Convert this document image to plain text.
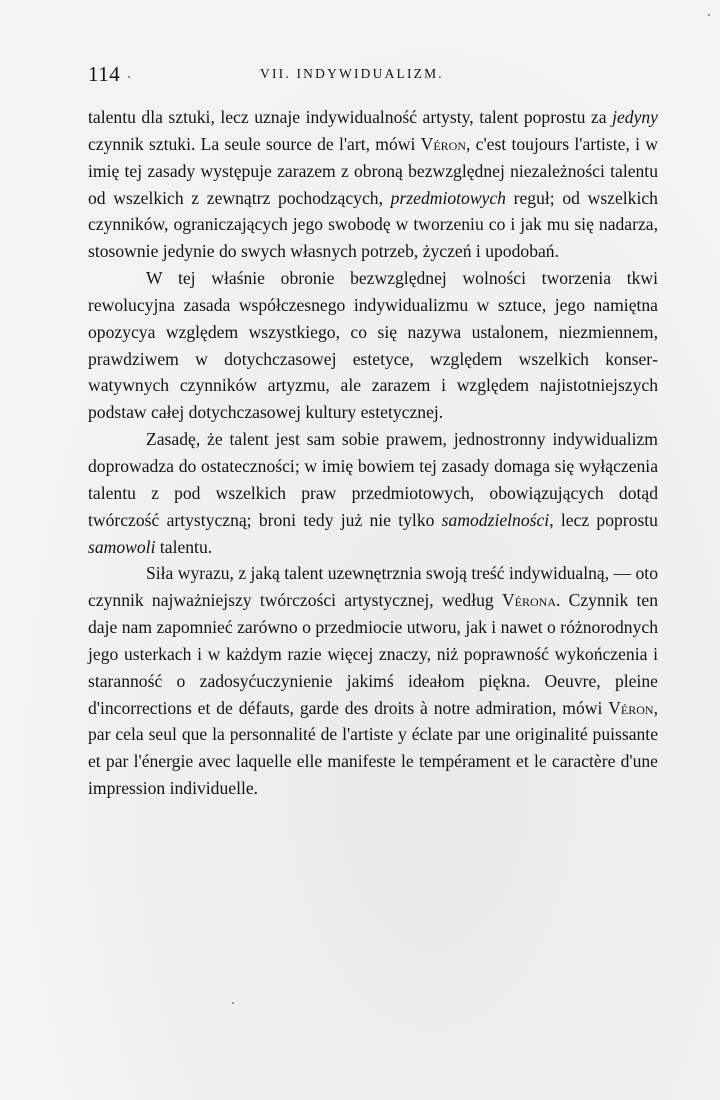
114	VII. INDYWIDUALIZM.

talentu dla sztuki, lecz uznaje indywidualność artysty, talent poprostu za jedyny czynnik sztuki. La seule source de l'art, mówi Véron, c'est toujours l'artiste, i w imię tej zasady występuje zarazem z obroną bezwzględnej niezależności talentu od wszelkich z zewnątrz pochodzących, przedmiotowych reguł; od wszelkich czynników, ograniczających jego swobodę w tworzeniu co i jak mu się nadarza, stosownie jedynie do swych własnych potrzeb, życzeń i upodobań.

W tej właśnie obronie bezwzględnej wolności tworzenia tkwi rewolucyjna zasada współczesnego indywidualizmu w sztuce, jego namiętna opozycya względem wszystkiego, co się nazywa ustalonem, niezmiennem, prawdziwem w dotychczasowej estetyce, względem wszelkich konserwatywnych czynników artyzmu, ale zarazem i względem najistotniejszych podstaw całej dotychczasowej kultury estetycznej.

Zasadę, że talent jest sam sobie prawem, jednostronny indywidualizm doprowadza do ostateczności; w imię bowiem tej zasady domaga się wyłączenia talentu z pod wszelkich praw przedmiotowych, obowiązujących dotąd twórczość artystyczną; broni tedy już nie tylko samodzielności, lecz poprostu samowoli talentu.

Siła wyrazu, z jaką talent uzewnętrznia swoją treść indywidualną, — oto czynnik najważniejszy twórczości artystycznej, według Vérona. Czynnik ten daje nam zapomnieć zarówno o przedmiocie utworu, jak i nawet o różnorodnych jego usterkach i w każdym razie więcej znaczy, niż poprawność wykończenia i staranność o zadosyćuczynienie jakimś ideałom piękna. Oeuvre, pleine d'incorrections et de défauts, garde des droits à notre admiration, mówi Véron, par cela seul que la personnalité de l'artiste y éclate par une originalité puissante et par l'énergie avec laquelle elle manifeste le tempérament et le caractère d'une impression individuelle.
